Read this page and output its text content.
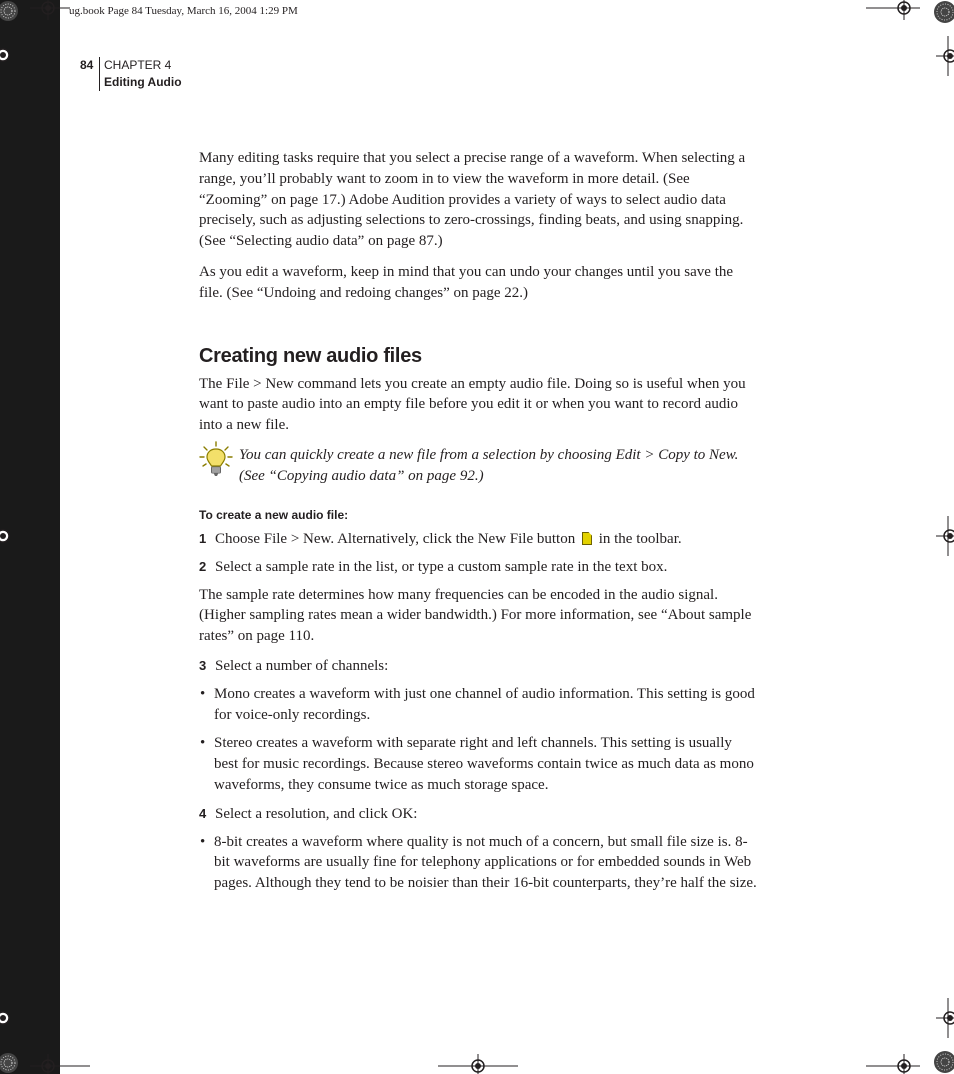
ug.book Page 84 Tuesday, March 16, 2004 1:29 PM
84 CHAPTER 4
Editing Audio

Many editing tasks require that you select a precise range of a waveform. When selecting a range, you’ll probably want to zoom in to view the waveform in more detail. (See “Zooming” on page 17.) Adobe Audition provides a variety of ways to select audio data precisely, such as adjusting selections to zero-crossings, finding beats, and using snapping. (See “Selecting audio data” on page 87.)

As you edit a waveform, keep in mind that you can undo your changes until you save the file. (See “Undoing and redoing changes” on page 22.)

Creating new audio files

The File > New command lets you create an empty audio file. Doing so is useful when you want to paste audio into an empty file before you edit it or when you want to record audio into a new file.

You can quickly create a new file from a selection by choosing Edit > Copy to New. (See “Copying audio data” on page 92.)
To create a new audio file:

1 Choose File > New. Alternatively, click the New File button  in the toolbar.

2 Select a sample rate in the list, or type a custom sample rate in the text box.

The sample rate determines how many frequencies can be encoded in the audio signal. (Higher sampling rates mean a wider bandwidth.) For more information, see “About sample rates” on page 110.

3 Select a number of channels:

• Mono creates a waveform with just one channel of audio information. This setting is good for voice-only recordings.

• Stereo creates a waveform with separate right and left channels. This setting is usually best for music recordings. Because stereo waveforms contain twice as much data as mono waveforms, they consume twice as much storage space.

4 Select a resolution, and click OK:

• 8-bit creates a waveform where quality is not much of a concern, but small file size is. 8-bit waveforms are usually fine for telephony applications or for embedded sounds in Web pages. Although they tend to be noisier than their 16-bit counterparts, they’re half the size.
